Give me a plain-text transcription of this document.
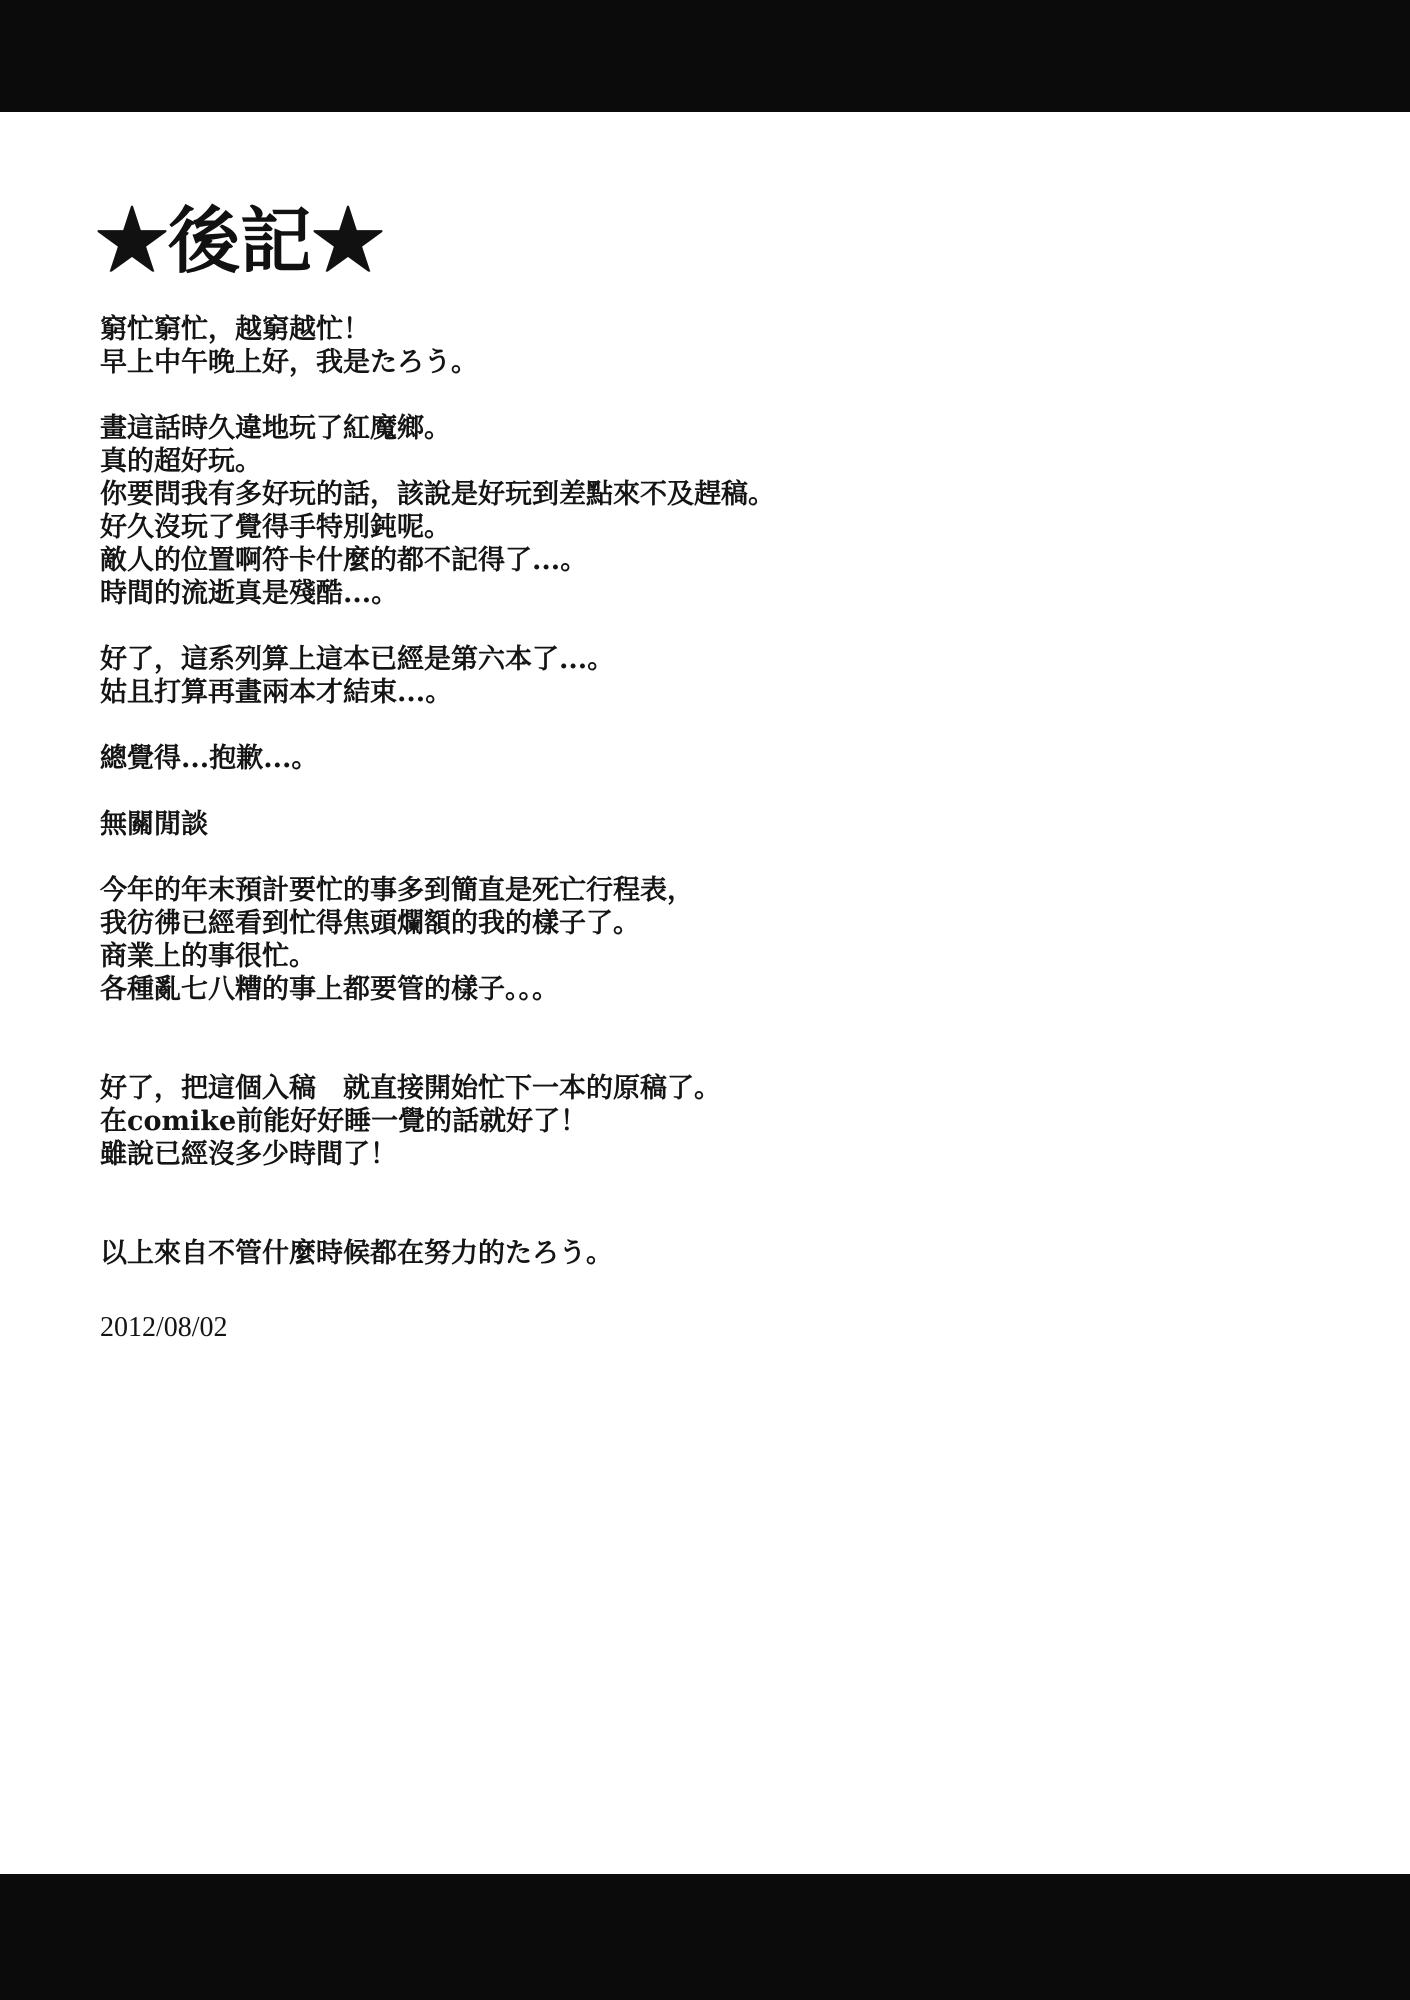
★後記★
窮忙窮忙，越窮越忙！
早上中午晚上好，我是たろう。
畫這話時久違地玩了紅魔鄉。
真的超好玩。
你要問我有多好玩的話，該說是好玩到差點來不及趕稿。
好久沒玩了覺得手特別鈍呢。
敵人的位置啊符卡什麼的都不記得了...。
時間的流逝真是殘酷...。
好了，這系列算上這本已經是第六本了...。
姑且打算再畫兩本才結束...。
總覺得...抱歉...。
無關閒談
今年的年末預計要忙的事多到簡直是死亡行程表，
我彷彿已經看到忙得焦頭爛額的我的樣子了。
商業上的事很忙。
各種亂七八糟的事上都要管的樣子。。。
好了，把這個入稿　就直接開始忙下一本的原稿了。
在comike前能好好睡一覺的話就好了！
雖說已經沒多少時間了！
以上來自不管什麼時候都在努力的たろう。
2012/08/02
